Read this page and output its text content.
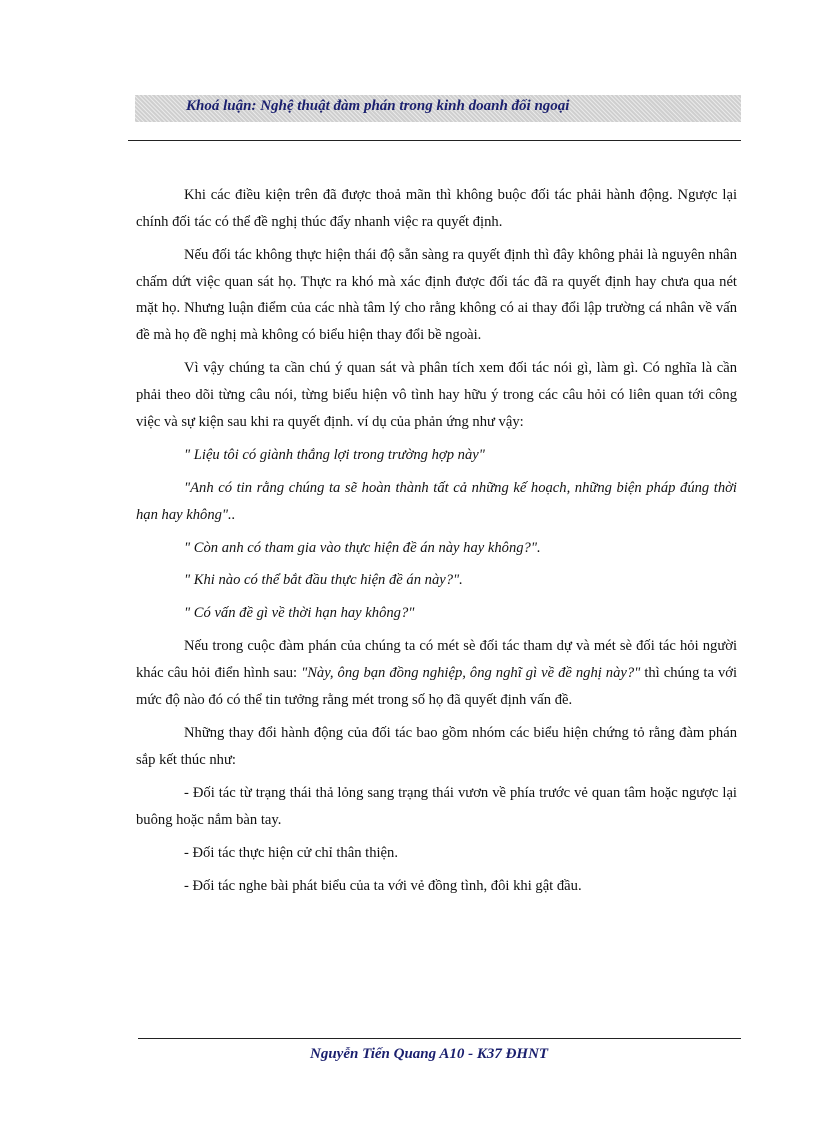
Khoá luận: Nghệ thuật đàm phán trong kinh doanh đối ngoại

Khi các điều kiện trên đã được thoả mãn thì không buộc đối tác phải hành động. Ngược lại chính đối tác có thể đề nghị thúc đẩy nhanh việc ra quyết định.

Nếu đối tác không thực hiện thái độ sẵn sàng ra quyết định thì đây không phải là nguyên nhân chấm dứt việc quan sát họ. Thực ra khó mà xác định được đối tác đã ra quyết định hay chưa qua nét mặt họ. Nhưng luận điểm của các nhà tâm lý cho rằng không có ai thay đổi lập trường cá nhân về vấn đề mà họ đề nghị mà không có biểu hiện thay đổi bề ngoài.

Vì vậy chúng ta cần chú ý quan sát và phân tích xem đối tác nói gì, làm gì. Có nghĩa là cần phải theo dõi từng câu nói, từng biểu hiện vô tình hay hữu ý trong các câu hỏi có liên quan tới công việc và sự kiện sau khi ra quyết định. ví dụ của phản ứng như vậy:

" Liệu tôi có giành thắng lợi trong trường hợp này"

"Anh có tin rằng chúng ta sẽ hoàn thành tất cả những kế hoạch, những biện pháp đúng thời hạn hay không"..

" Còn anh có tham gia vào thực hiện đề án này hay không?".

" Khi nào có thể bắt đầu thực hiện đề án này?".

" Có vấn đề gì về thời hạn hay không?"

Nếu trong cuộc đàm phán của chúng ta có mét sè đối tác tham dự và mét sè đối tác hỏi người khác câu hỏi điển hình sau: "Này, ông bạn đồng nghiệp, ông nghĩ gì về đề nghị này?" thì chúng ta với mức độ nào đó có thể tin tưởng rằng mét trong số họ đã quyết định vấn đề.

Những thay đổi hành động của đối tác bao gồm nhóm các biểu hiện chứng tỏ rằng đàm phán sắp kết thúc như:

- Đối tác từ trạng thái thả lỏng sang trạng thái vươn về phía trước vẻ quan tâm hoặc ngược lại buông hoặc nắm bàn tay.

- Đối tác thực hiện cử chỉ thân thiện.

- Đối tác nghe bài phát biểu của ta với vẻ đồng tình, đôi khi gật đầu.

Nguyễn Tiến Quang A10 - K37 ĐHNT
